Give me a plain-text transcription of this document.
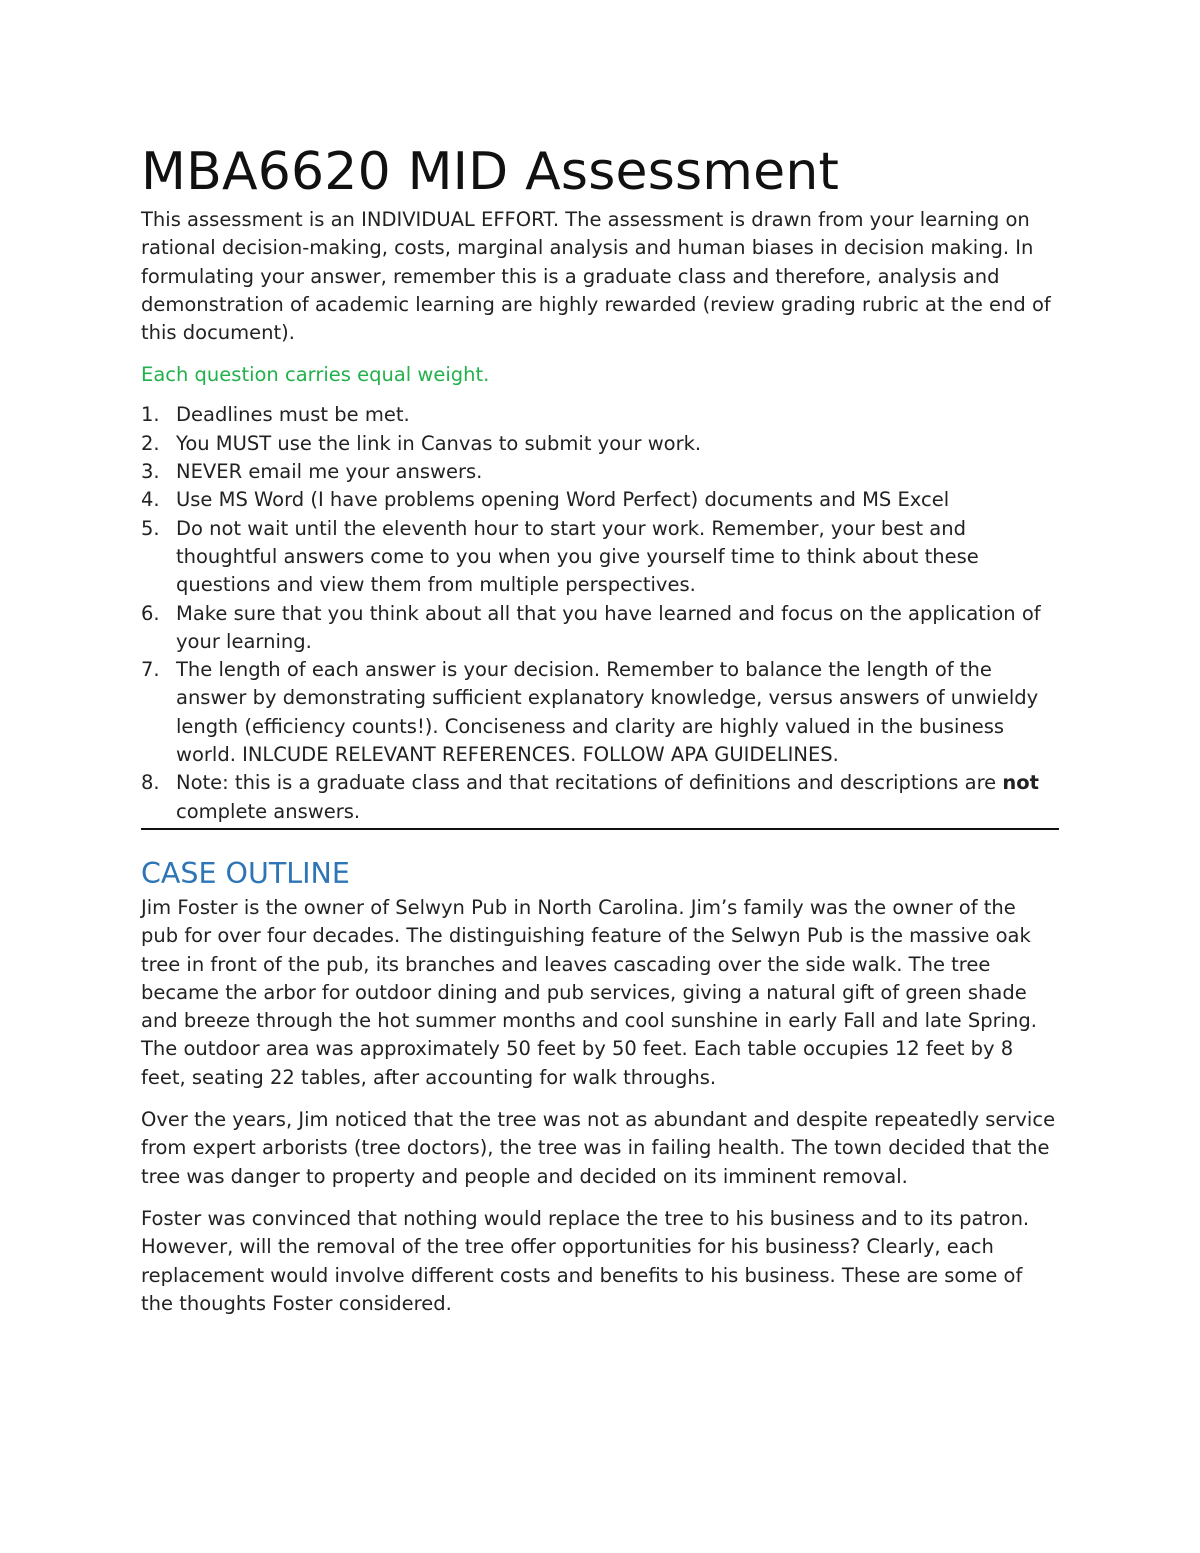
MBA6620 MID Assessment

This assessment is an INDIVIDUAL EFFORT. The assessment is drawn from your learning on rational decision-making, costs, marginal analysis and human biases in decision making. In formulating your answer, remember this is a graduate class and therefore, analysis and demonstration of academic learning are highly rewarded (review grading rubric at the end of this document).

Each question carries equal weight.

1. Deadlines must be met.
2. You MUST use the link in Canvas to submit your work.
3. NEVER email me your answers.
4. Use MS Word (I have problems opening Word Perfect) documents and MS Excel
5. Do not wait until the eleventh hour to start your work. Remember, your best and thoughtful answers come to you when you give yourself time to think about these questions and view them from multiple perspectives.
6. Make sure that you think about all that you have learned and focus on the application of your learning.
7. The length of each answer is your decision. Remember to balance the length of the answer by demonstrating sufficient explanatory knowledge, versus answers of unwieldy length (efficiency counts!). Conciseness and clarity are highly valued in the business world. INLCUDE RELEVANT REFERENCES. FOLLOW APA GUIDELINES.
8. Note: this is a graduate class and that recitations of definitions and descriptions are not complete answers.
CASE OUTLINE

Jim Foster is the owner of Selwyn Pub in North Carolina. Jim’s family was the owner of the pub for over four decades. The distinguishing feature of the Selwyn Pub is the massive oak tree in front of the pub, its branches and leaves cascading over the side walk. The tree became the arbor for outdoor dining and pub services, giving a natural gift of green shade and breeze through the hot summer months and cool sunshine in early Fall and late Spring. The outdoor area was approximately 50 feet by 50 feet. Each table occupies 12 feet by 8 feet, seating 22 tables, after accounting for walk throughs.

Over the years, Jim noticed that the tree was not as abundant and despite repeatedly service from expert arborists (tree doctors), the tree was in failing health. The town decided that the tree was danger to property and people and decided on its imminent removal.

Foster was convinced that nothing would replace the tree to his business and to its patron. However, will the removal of the tree offer opportunities for his business? Clearly, each replacement would involve different costs and benefits to his business. These are some of the thoughts Foster considered.
